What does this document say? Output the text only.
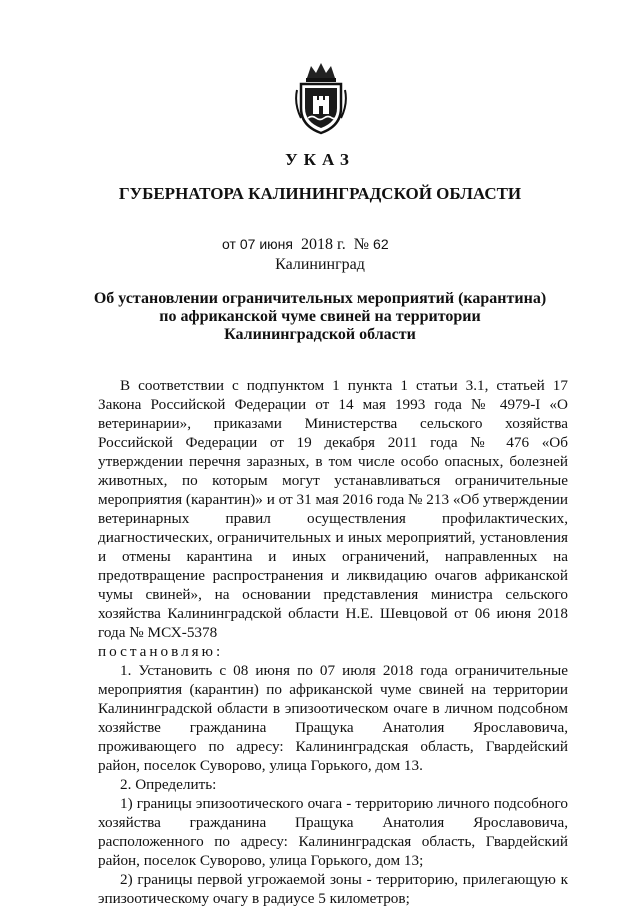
УКАЗ
ГУБЕРНАТОРА КАЛИНИНГРАДСКОЙ ОБЛАСТИ
от 07 июня 2018 г. № 62
Калининград
Об установлении ограничительных мероприятий (карантина)
по африканской чуме свиней на территории
Калининградской области

В соответствии с подпунктом 1 пункта 1 статьи 3.1, статьей 17 Закона Российской Федерации от 14 мая 1993 года № 4979-I «О ветеринарии», приказами Министерства сельского хозяйства Российской Федерации от 19 декабря 2011 года № 476 «Об утверждении перечня заразных, в том числе особо опасных, болезней животных, по которым могут устанавливаться ограничительные мероприятия (карантин)» и от 31 мая 2016 года № 213 «Об утверждении ветеринарных правил осуществления профилактических, диагностических, ограничительных и иных мероприятий, установления и отмены карантина и иных ограничений, направленных на предотвращение распространения и ликвидацию очагов африканской чумы свиней», на основании представления министра сельского хозяйства Калининградской области Н.Е. Шевцовой от 06 июня 2018 года № МСХ-5378

постановляю:

1. Установить с 08 июня по 07 июля 2018 года ограничительные мероприятия (карантин) по африканской чуме свиней на территории Калининградской области в эпизоотическом очаге в личном подсобном хозяйстве гражданина Пращука Анатолия Ярославовича, проживающего по адресу: Калининградская область, Гвардейский район, поселок Суворово, улица Горького, дом 13.

2. Определить:

1) границы эпизоотического очага - территорию личного подсобного хозяйства гражданина Пращука Анатолия Ярославовича, расположенного по адресу: Калининградская область, Гвардейский район, поселок Суворово, улица Горького, дом 13;

2) границы первой угрожаемой зоны - территорию, прилегающую к эпизоотическому очагу в радиусе 5 километров;
